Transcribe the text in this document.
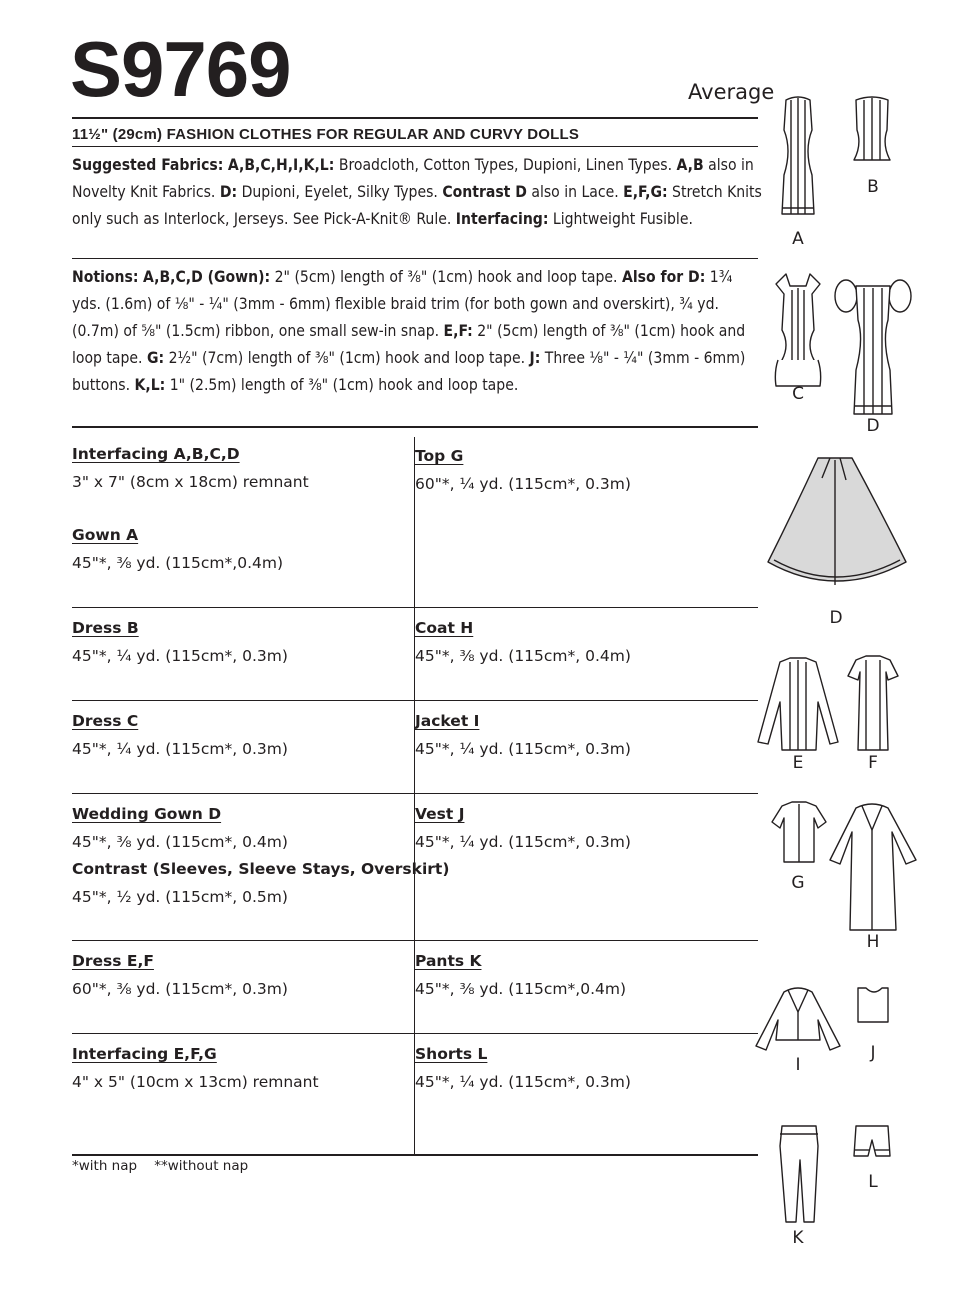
S9769	Average
11½" (29cm) FASHION CLOTHES FOR REGULAR AND CURVY DOLLS
Suggested Fabrics: A,B,C,H,I,K,L: Broadcloth, Cotton Types, Dupioni, Linen Types. A,B also in Novelty Knit Fabrics. D: Dupioni, Eyelet, Silky Types. Contrast D also in Lace. E,F,G: Stretch Knits only such as Interlock, Jerseys. See Pick-A-Knit® Rule. Interfacing: Lightweight Fusible.
Notions: A,B,C,D (Gown): 2" (5cm) length of ⅜" (1cm) hook and loop tape. Also for D: 1¾ yds. (1.6m) of ⅛" - ¼" (3mm - 6mm) flexible braid trim (for both gown and overskirt), ¾ yd. (0.7m) of ⅝" (1.5cm) ribbon, one small sew-in snap. E,F: 2" (5cm) length of ⅜" (1cm) hook and loop tape. G: 2½" (7cm) length of ⅜" (1cm) hook and loop tape. J: Three ⅛" - ¼" (3mm - 6mm) buttons. K,L: 1" (2.5m) length of ⅜" (1cm) hook and loop tape.
Interfacing A,B,C,D
3" x 7" (8cm x 18cm) remnant
Gown A
45"*, ⅜ yd. (115cm*,0.4m)
Dress B
45"*, ¼ yd. (115cm*, 0.3m)
Dress C
45"*, ¼ yd. (115cm*, 0.3m)
Wedding Gown D
45"*, ⅜ yd. (115cm*, 0.4m)
Contrast (Sleeves, Sleeve Stays, Overskirt)
45"*, ½ yd. (115cm*, 0.5m)
Dress E,F
60"*, ⅜ yd. (115cm*, 0.3m)
Interfacing E,F,G
4" x 5" (10cm x 13cm) remnant
Top G
60"*, ¼ yd. (115cm*, 0.3m)
Coat H
45"*, ⅜ yd. (115cm*, 0.4m)
Jacket I
45"*, ¼ yd. (115cm*, 0.3m)
Vest J
45"*, ¼ yd. (115cm*, 0.3m)
Pants K
45"*, ⅜ yd. (115cm*,0.4m)
Shorts L
45"*, ¼ yd. (115cm*, 0.3m)
*with nap    **without nap
A
B
C
D
D
E	F
G
H
I
J
K
L
